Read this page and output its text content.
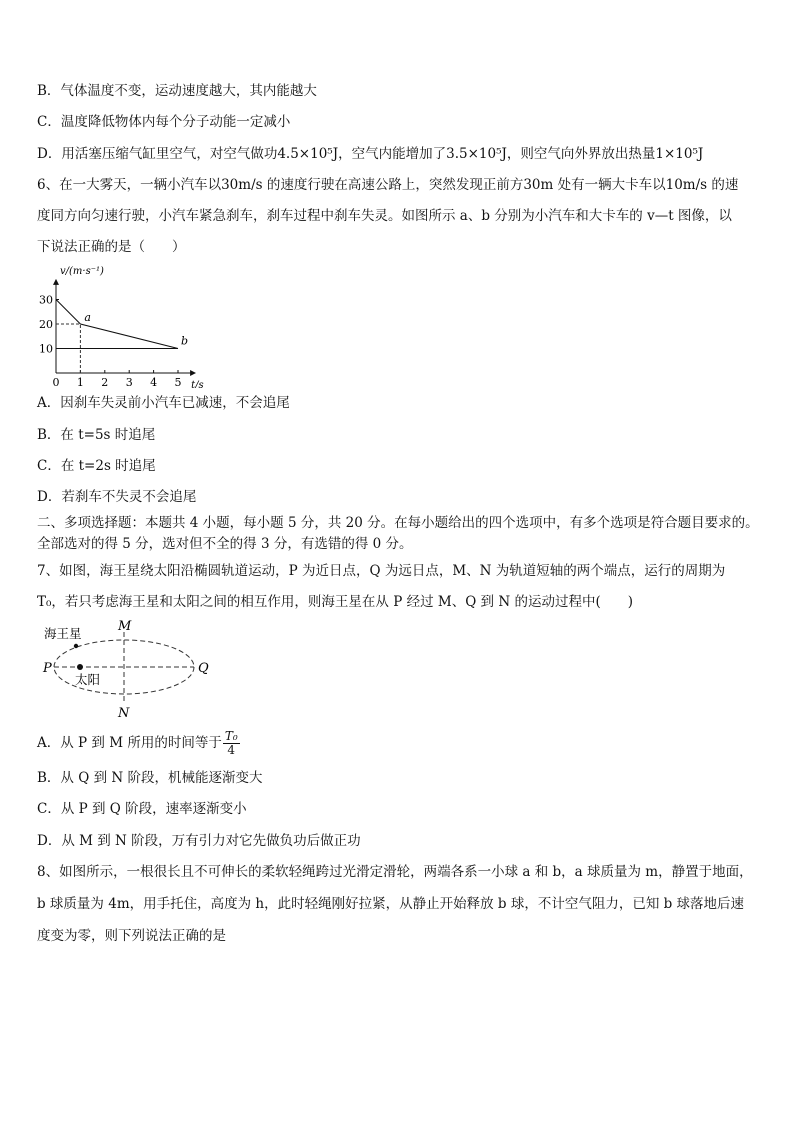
B．气体温度不变，运动速度越大，其内能越大
C．温度降低物体内每个分子动能一定减小
D．用活塞压缩气缸里空气，对空气做功4.5×10⁵J，空气内能增加了3.5×10⁵J，则空气向外界放出热量1×10⁵J
6、在一大雾天，一辆小汽车以30m/s 的速度行驶在高速公路上，突然发现正前方30m 处有一辆大卡车以10m/s 的速
度同方向匀速行驶，小汽车紧急刹车，刹车过程中刹车失灵。如图所示 a、b 分别为小汽车和大卡车的 v—t 图像，以
下说法正确的是（　　）
0 1 2 3 4 5
10
20
30
a
b
v/(m·s⁻¹)
t/s
A．因刹车失灵前小汽车已减速，不会追尾
B．在 t=5s 时追尾
C．在 t=2s 时追尾
D．若刹车不失灵不会追尾
二、多项选择题：本题共 4 小题，每小题 5 分，共 20 分。在每小题给出的四个选项中，有多个选项是符合题目要求的。
全部选对的得 5 分，选对但不全的得 3 分，有选错的得 0 分。
7、如图，海王星绕太阳沿椭圆轨道运动，P 为近日点，Q 为远日点，M、N 为轨道短轴的两个端点，运行的周期为
T₀，若只考虑海王星和太阳之间的相互作用，则海王星在从 P 经过 M、Q 到 N 的运动过程中(　　)
海王星
太阳
P	Q
M
N
A．从 P 到 M 所用的时间等于 $\frac{\text{T₀}}{4}$
B．从 Q 到 N 阶段，机械能逐渐变大
C．从 P 到 Q 阶段，速率逐渐变小
D．从 M 到 N 阶段，万有引力对它先做负功后做正功
8、如图所示，一根很长且不可伸长的柔软轻绳跨过光滑定滑轮，两端各系一小球 a 和 b，a 球质量为 m，静置于地面，
b 球质量为 4m，用手托住，高度为 h，此时轻绳刚好拉紧，从静止开始释放 b 球，不计空气阻力，已知 b 球落地后速
度变为零，则下列说法正确的是
